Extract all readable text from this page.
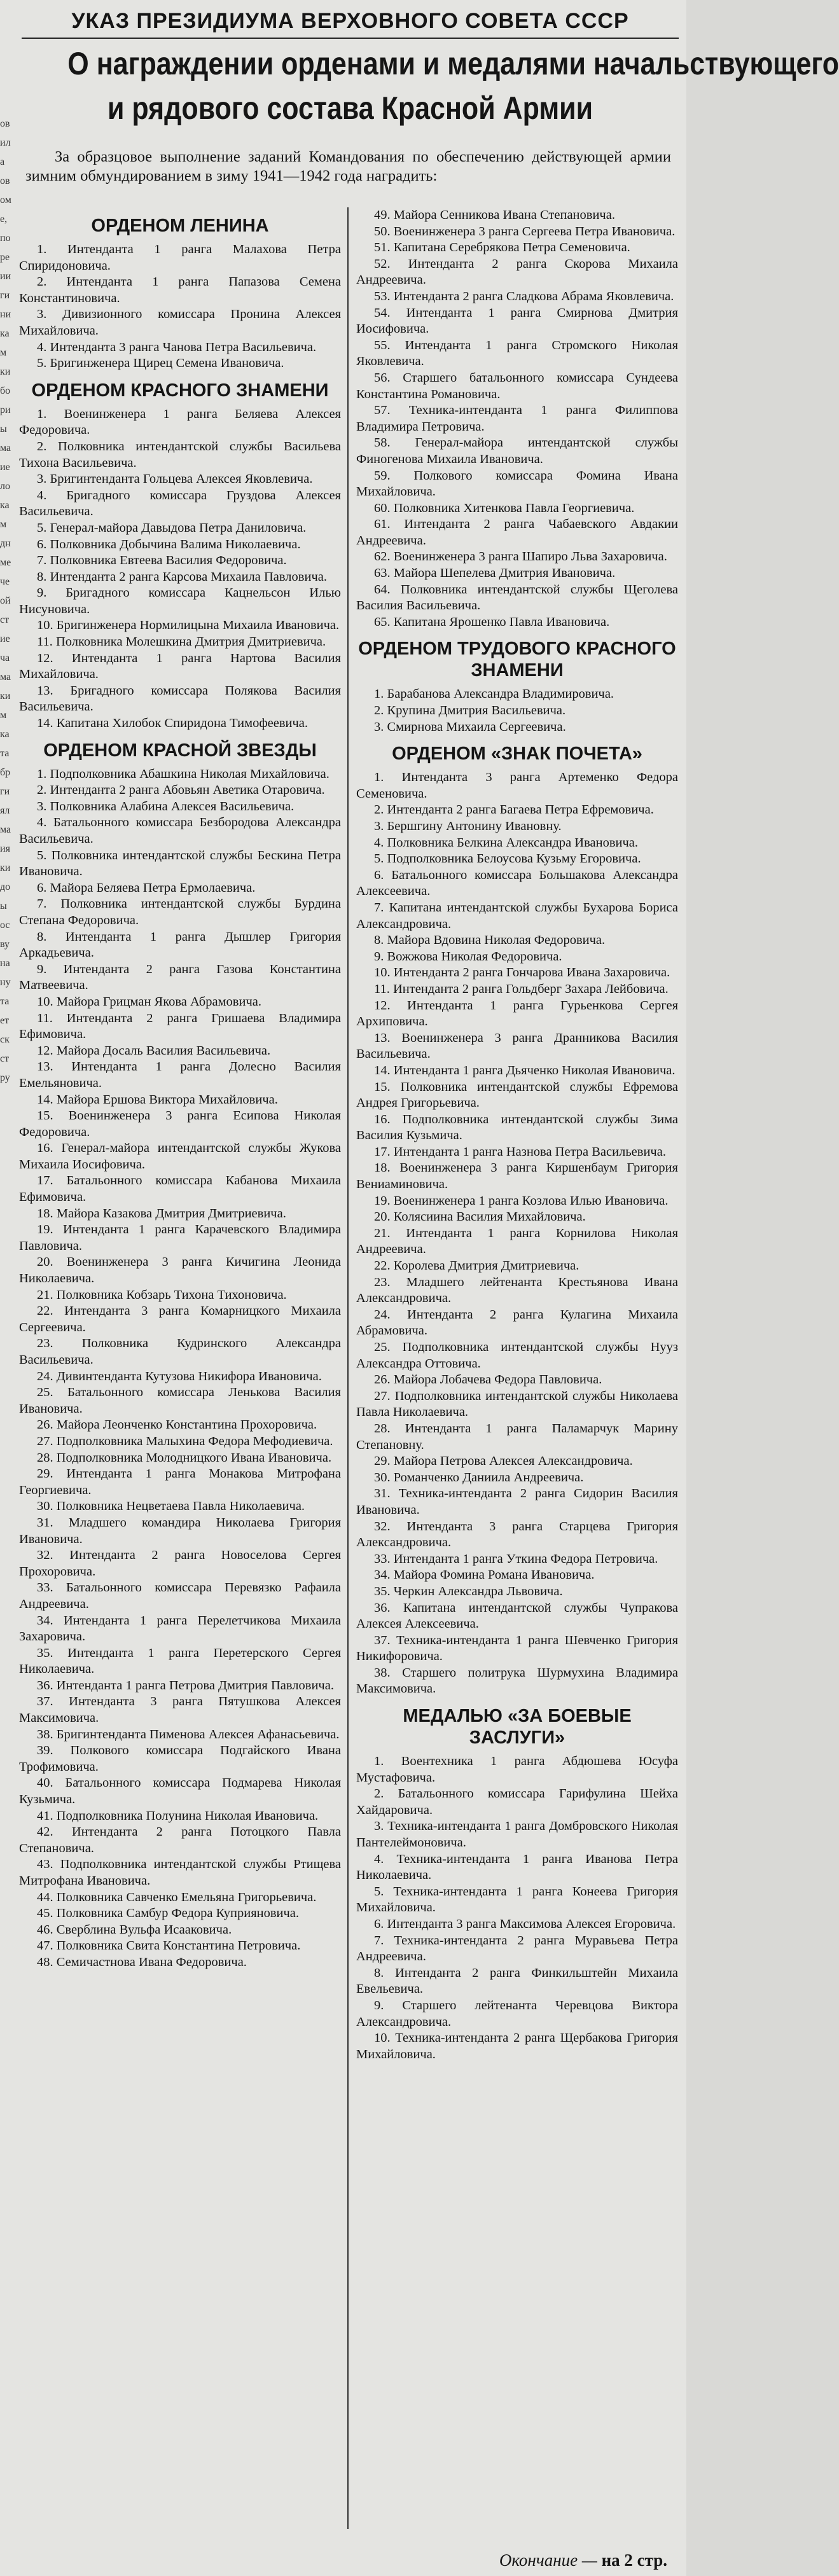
ов
ил
а
ов
ом
е,
по
ре
ии
ги
ни
ка
м
ки
бо
ри
ы
ма
ие
ло
ка
м
дн
ме
че
ой
ст
ие
ча
ма
ки
м
ка
та
бр
ги
ял
ма
ия
ки
до
ы
ос
ву
на
ну
та
ет
ск
ст
ру
УКАЗ ПРЕЗИДИУМА ВЕРХОВНОГО СОВЕТА СССР
О награждении орденами и медалями начальствующего
и рядового состава Красной Армии
За образцовое выполнение заданий Командования по обеспечению действующей армии зимним обмундированием в зиму 1941—1942 года наградить:
ОРДЕНОМ ЛЕНИНА
1. Интенданта 1 ранга Малахова Петра Спиридоновича.
2. Интенданта 1 ранга Папазова Семена Константиновича.
3. Дивизионного комиссара Пронина Алексея Михайловича.
4. Интенданта 3 ранга Чанова Петра Васильевича.
5. Бригинженера Щирец Семена Ивановича.
ОРДЕНОМ КРАСНОГО ЗНАМЕНИ
1. Военинженера 1 ранга Беляева Алексея Федоровича.
2. Полковника интендантской службы Васильева Тихона Васильевича.
3. Бригинтенданта Гольцева Алексея Яковлевича.
4. Бригадного комиссара Груздова Алексея Васильевича.
5. Генерал-майора Давыдова Петра Даниловича.
6. Полковника Добычина Валима Николаевича.
7. Полковника Евтеева Василия Федоровича.
8. Интенданта 2 ранга Карсова Михаила Павловича.
9. Бригадного комиссара Кацнельсон Илью Нисуновича.
10. Бригинженера Нормилицына Михаила Ивановича.
11. Полковника Молешкина Дмитрия Дмитриевича.
12. Интенданта 1 ранга Нартова Василия Михайловича.
13. Бригадного комиссара Полякова Василия Васильевича.
14. Капитана Хилобок Спиридона Тимофеевича.
ОРДЕНОМ КРАСНОЙ ЗВЕЗДЫ
1. Подполковника Абашкина Николая Михайловича.
2. Интенданта 2 ранга Абовьян Аветика Отаровича.
3. Полковника Алабина Алексея Васильевича.
4. Батальонного комиссара Безбородова Александра Васильевича.
5. Полковника интендантской службы Бескина Петра Ивановича.
6. Майора Беляева Петра Ермолаевича.
7. Полковника интендантской службы Бурдина Степана Федоровича.
8. Интенданта 1 ранга Дышлер Григория Аркадьевича.
9. Интенданта 2 ранга Газова Константина Матвеевича.
10. Майора Грицман Якова Абрамовича.
11. Интенданта 2 ранга Гришаева Владимира Ефимовича.
12. Майора Досаль Василия Васильевича.
13. Интенданта 1 ранга Долесно Василия Емельяновича.
14. Майора Ершова Виктора Михайловича.
15. Военинженера 3 ранга Есипова Николая Федоровича.
16. Генерал-майора интендантской службы Жукова Михаила Иосифовича.
17. Батальонного комиссара Кабанова Михаила Ефимовича.
18. Майора Казакова Дмитрия Дмитриевича.
19. Интенданта 1 ранга Карачевского Владимира Павловича.
20. Военинженера 3 ранга Кичигина Леонида Николаевича.
21. Полковника Кобзарь Тихона Тихоновича.
22. Интенданта 3 ранга Комарницкого Михаила Сергеевича.
23. Полковника Кудринского Александра Васильевича.
24. Дивинтенданта Кутузова Никифора Ивановича.
25. Батальонного комиссара Ленькова Василия Ивановича.
26. Майора Леонченко Константина Прохоровича.
27. Подполковника Малыхина Федора Мефодиевича.
28. Подполковника Молодницкого Ивана Ивановича.
29. Интенданта 1 ранга Монакова Митрофана Георгиевича.
30. Полковника Нецветаева Павла Николаевича.
31. Младшего командира Николаева Григория Ивановича.
32. Интенданта 2 ранга Новоселова Сергея Прохоровича.
33. Батальонного комиссара Перевязко Рафаила Андреевича.
34. Интенданта 1 ранга Перелетчикова Михаила Захаровича.
35. Интенданта 1 ранга Перетерского Сергея Николаевича.
36. Интенданта 1 ранга Петрова Дмитрия Павловича.
37. Интенданта 3 ранга Пятушкова Алексея Максимовича.
38. Бригинтенданта Пименова Алексея Афанасьевича.
39. Полкового комиссара Подгайского Ивана Трофимовича.
40. Батальонного комиссара Подмарева Николая Кузьмича.
41. Подполковника Полунина Николая Ивановича.
42. Интенданта 2 ранга Потоцкого Павла Степановича.
43. Подполковника интендантской службы Ртищева Митрофана Ивановича.
44. Полковника Савченко Емельяна Григорьевича.
45. Полковника Самбур Федора Куприяновича.
46. Сверблина Вульфа Исааковича.
47. Полковника Свита Константина Петровича.
48. Семичастнова Ивана Федоровича.
49. Майора Сенникова Ивана Степановича.
50. Военинженера 3 ранга Сергеева Петра Ивановича.
51. Капитана Серебрякова Петра Семеновича.
52. Интенданта 2 ранга Скорова Михаила Андреевича.
53. Интенданта 2 ранга Сладкова Абрама Яковлевича.
54. Интенданта 1 ранга Смирнова Дмитрия Иосифовича.
55. Интенданта 1 ранга Стромского Николая Яковлевича.
56. Старшего батальонного комиссара Сундеева Константина Романовича.
57. Техника-интенданта 1 ранга Филиппова Владимира Петровича.
58. Генерал-майора интендантской службы Финогенова Михаила Ивановича.
59. Полкового комиссара Фомина Ивана Михайловича.
60. Полковника Хитенкова Павла Георгиевича.
61. Интенданта 2 ранга Чабаевского Авдакии Андреевича.
62. Военинженера 3 ранга Шапиро Льва Захаровича.
63. Майора Шепелева Дмитрия Ивановича.
64. Полковника интендантской службы Щеголева Василия Васильевича.
65. Капитана Ярошенко Павла Ивановича.
ОРДЕНОМ ТРУДОВОГО КРАСНОГО ЗНАМЕНИ
1. Барабанова Александра Владимировича.
2. Крупина Дмитрия Васильевича.
3. Смирнова Михаила Сергеевича.
ОРДЕНОМ «ЗНАК ПОЧЕТА»
1. Интенданта 3 ранга Артеменко Федора Семеновича.
2. Интенданта 2 ранга Багаева Петра Ефремовича.
3. Бершгину Антонину Ивановну.
4. Полковника Белкина Александра Ивановича.
5. Подполковника Белоусова Кузьму Егоровича.
6. Батальонного комиссара Большакова Александра Алексеевича.
7. Капитана интендантской службы Бухарова Бориса Александровича.
8. Майора Вдовина Николая Федоровича.
9. Вожжова Николая Федоровича.
10. Интенданта 2 ранга Гончарова Ивана Захаровича.
11. Интенданта 2 ранга Гольдберг Захара Лейбовича.
12. Интенданта 1 ранга Гурьенкова Сергея Архиповича.
13. Военинженера 3 ранга Дранникова Василия Васильевича.
14. Интенданта 1 ранга Дьяченко Николая Ивановича.
15. Полковника интендантской службы Ефремова Андрея Григорьевича.
16. Подполковника интендантской службы Зима Василия Кузьмича.
17. Интенданта 1 ранга Назнова Петра Васильевича.
18. Военинженера 3 ранга Киршенбаум Григория Вениаминовича.
19. Военинженера 1 ранга Козлова Илью Ивановича.
20. Колясиина Василия Михайловича.
21. Интенданта 1 ранга Корнилова Николая Андреевича.
22. Королева Дмитрия Дмитриевича.
23. Младшего лейтенанта Крестьянова Ивана Александровича.
24. Интенданта 2 ранга Кулагина Михаила Абрамовича.
25. Подполковника интендантской службы Нууз Александра Оттовича.
26. Майора Лобачева Федора Павловича.
27. Подполковника интендантской службы Николаева Павла Николаевича.
28. Интенданта 1 ранга Паламарчук Марину Степановну.
29. Майора Петрова Алексея Александровича.
30. Романченко Даниила Андреевича.
31. Техника-интенданта 2 ранга Сидорин Василия Ивановича.
32. Интенданта 3 ранга Старцева Григория Александровича.
33. Интенданта 1 ранга Уткина Федора Петровича.
34. Майора Фомина Романа Ивановича.
35. Черкин Александра Львовича.
36. Капитана интендантской службы Чупракова Алексея Алексеевича.
37. Техника-интенданта 1 ранга Шевченко Григория Никифоровича.
38. Старшего политрука Шурмухина Владимира Максимовича.
МЕДАЛЬЮ «ЗА БОЕВЫЕ ЗАСЛУГИ»
1. Воентехника 1 ранга Абдюшева Юсуфа Мустафовича.
2. Батальонного комиссара Гарифулина Шейха Хайдаровича.
3. Техника-интенданта 1 ранга Домбровского Николая Пантелеймоновича.
4. Техника-интенданта 1 ранга Иванова Петра Николаевича.
5. Техника-интенданта 1 ранга Конеева Григория Михайловича.
6. Интенданта 3 ранга Максимова Алексея Егоровича.
7. Техника-интенданта 2 ранга Муравьева Петра Андреевича.
8. Интенданта 2 ранга Финкильштейн Михаила Евельевича.
9. Старшего лейтенанта Черевцова Виктора Александровича.
10. Техника-интенданта 2 ранга Щербакова Григория Михайловича.
Окончание — на 2 стр.
